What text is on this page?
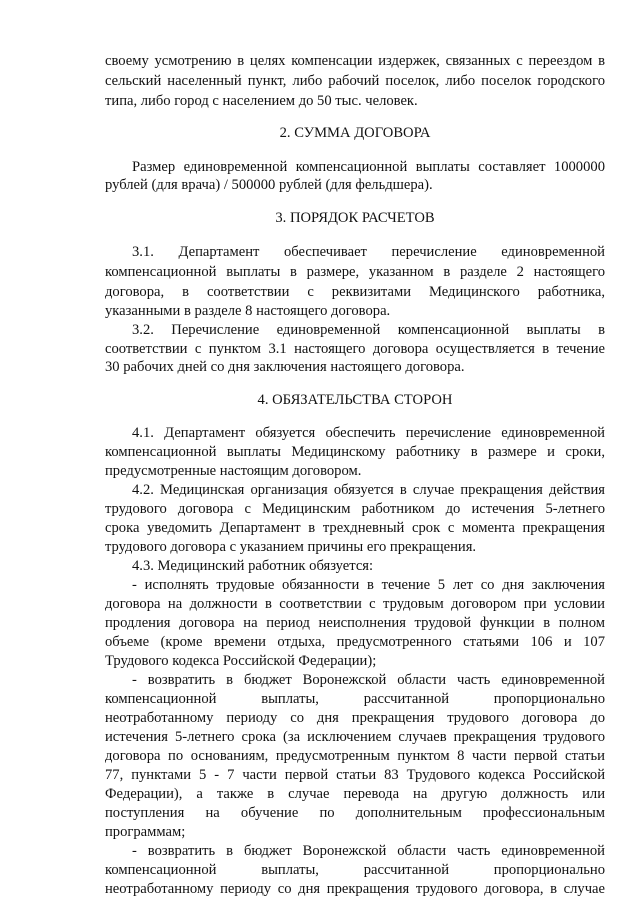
своему усмотрению в целях компенсации издержек, связанных с переездом в
сельский населенный пункт, либо рабочий поселок, либо поселок городского
типа, либо город с населением до 50 тыс. человек.
2. СУММА ДОГОВОРА
Размер единовременной компенсационной выплаты составляет 1000000
рублей (для врача) / 500000 рублей (для фельдшера).
3. ПОРЯДОК РАСЧЕТОВ
3.1. Департамент обеспечивает перечисление единовременной
компенсационной выплаты в размере, указанном в разделе 2 настоящего
договора, в соответствии с реквизитами Медицинского работника,
указанными в разделе 8 настоящего договора.
3.2. Перечисление единовременной компенсационной выплаты в
соответствии с пунктом 3.1 настоящего договора осуществляется в течение
30 рабочих дней со дня заключения настоящего договора.
4. ОБЯЗАТЕЛЬСТВА СТОРОН
4.1. Департамент обязуется обеспечить перечисление единовременной
компенсационной выплаты Медицинскому работнику в размере и сроки,
предусмотренные настоящим договором.
4.2. Медицинская организация обязуется в случае прекращения действия
трудового договора с Медицинским работником до истечения 5-летнего
срока уведомить Департамент в трехдневный срок с момента прекращения
трудового договора с указанием причины его прекращения.
4.3. Медицинский работник обязуется:
- исполнять трудовые обязанности в течение 5 лет со дня заключения
договора на должности в соответствии с трудовым договором при условии
продления договора на период неисполнения трудовой функции в полном
объеме (кроме времени отдыха, предусмотренного статьями 106 и 107
Трудового кодекса Российской Федерации);
- возвратить в бюджет Воронежской области часть единовременной
компенсационной выплаты, рассчитанной пропорционально
неотработанному периоду со дня прекращения трудового договора до
истечения 5-летнего срока (за исключением случаев прекращения трудового
договора по основаниям, предусмотренным пунктом 8 части первой статьи
77, пунктами 5 - 7 части первой статьи 83 Трудового кодекса Российской
Федерации), а также в случае перевода на другую должность или
поступления на обучение по дополнительным профессиональным
программам;
- возвратить в бюджет Воронежской области часть единовременной
компенсационной выплаты, рассчитанной пропорционально
неотработанному периоду со дня прекращения трудового договора, в случае
